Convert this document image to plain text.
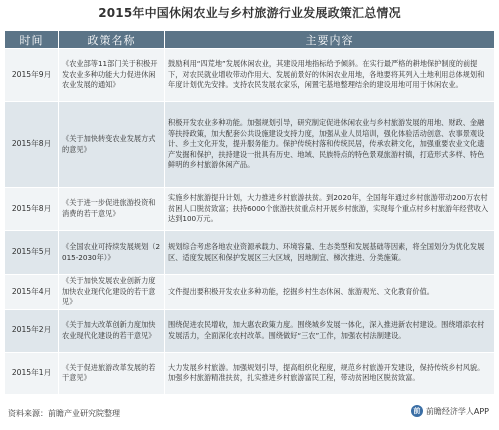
2015年中国休闲农业与乡村旅游行业发展政策汇总情况
时间	政策名称	主要内容
2015年9月	《农业部等11部门关于积极开发农业多种功能大力促进休闲农业发展的通知》	鼓励利用“四荒地”发展休闲农业，其建设用地指标给予倾斜。在实行最严格的耕地保护制度的前提下，对农民就业增收带动作用大、发展前景好的休闲农业用地，各地要将其列入土地利用总体规划和年度计划优先安排。支持农民发展农家乐，闲置宅基地整理结余的建设用地可用于休闲农业。
2015年8月	《关于加快转变农业发展方式的意见》	积极开发农业多种功能。加强规划引导，研究制定促进休闲农业与乡村旅游发展的用地、财政、金融等扶持政策，加大配套公共设施建设支持力度，加强从业人员培训，强化体验活动创意、农事景观设计、乡土文化开发，提升服务能力。保护传统村落和传统民居，传承农耕文化，加强重要农业文化遗产发掘和保护，扶持建设一批具有历史、地域、民族特点的特色景观旅游村镇，打造形式多样、特色鲜明的乡村旅游休闲产品。
2015年8月	《关于进一步促进旅游投资和消费的若干意见》	实施乡村旅游提升计划，大力推进乡村旅游扶贫。到2020年，全国每年通过乡村旅游带动200万农村贫困人口脱贫致富；扶持6000个旅游扶贫重点村开展乡村旅游，实现每个重点村乡村旅游年经营收入达到100万元。
2015年5月	《全国农业可持续发展规划（2015-2030年）》	规划综合考虑各地农业资源承载力、环境容量、生态类型和发展基础等因素，将全国划分为优化发展区、适度发展区和保护发展区三大区域，因地制宜、梯次推进、分类施策。
2015年4月	《关于加快发展农业创新力度加快农业现代化建设的若干意见》	文件提出要积极开发农业多种功能，挖掘乡村生态休闲、旅游观光、文化教育价值。
2015年2月	《关于加大改革创新力度加快农业现代化建设的若干意见》	围绕促进农民增收，加大惠农政策力度。围绕城乡发展一体化，深入推进新农村建设。围绕增添农村发展活力，全面深化农村改革。围绕做好“三农”工作，加强农村法制建设。
2015年1月	《关于促进旅游改革发展的若干意见》	大力发展乡村旅游。加强规划引导，提高组织化程度，规范乡村旅游开发建设，保持传统乡村风貌。加强乡村旅游精准扶贫，扎实推进乡村旅游富民工程，带动贫困地区脱贫致富。
资料来源：前瞻产业研究院整理	前 前瞻经济学人APP
